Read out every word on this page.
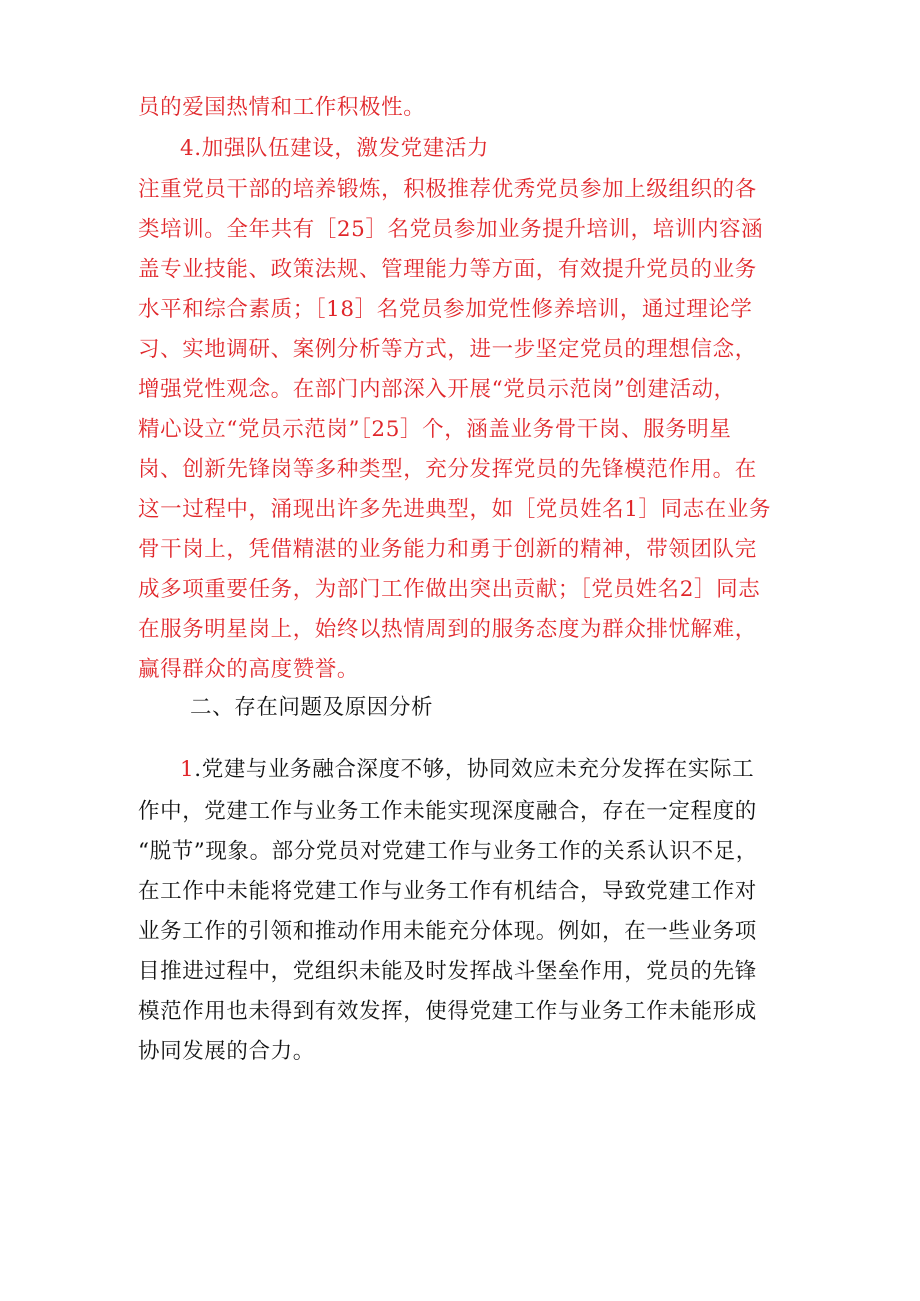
员的爱国热情和工作积极性。
4.加强队伍建设，激发党建活力
注重党员干部的培养锻炼，积极推荐优秀党员参加上级组织的各
类培训。全年共有［25］名党员参加业务提升培训，培训内容涵
盖专业技能、政策法规、管理能力等方面，有效提升党员的业务
水平和综合素质；［18］名党员参加党性修养培训，通过理论学
习、实地调研、案例分析等方式，进一步坚定党员的理想信念，
增强党性观念。在部门内部深入开展“党员示范岗”创建活动，
精心设立“党员示范岗”［25］个，涵盖业务骨干岗、服务明星
岗、创新先锋岗等多种类型，充分发挥党员的先锋模范作用。在
这一过程中，涌现出许多先进典型，如［党员姓名1］同志在业务
骨干岗上，凭借精湛的业务能力和勇于创新的精神，带领团队完
成多项重要任务，为部门工作做出突出贡献；［党员姓名2］同志
在服务明星岗上，始终以热情周到的服务态度为群众排忧解难，
赢得群众的高度赞誉。
二、存在问题及原因分析
1.党建与业务融合深度不够，协同效应未充分发挥在实际工
作中，党建工作与业务工作未能实现深度融合，存在一定程度的
“脱节”现象。部分党员对党建工作与业务工作的关系认识不足，
在工作中未能将党建工作与业务工作有机结合，导致党建工作对
业务工作的引领和推动作用未能充分体现。例如，在一些业务项
目推进过程中，党组织未能及时发挥战斗堡垒作用，党员的先锋
模范作用也未得到有效发挥，使得党建工作与业务工作未能形成
协同发展的合力。
